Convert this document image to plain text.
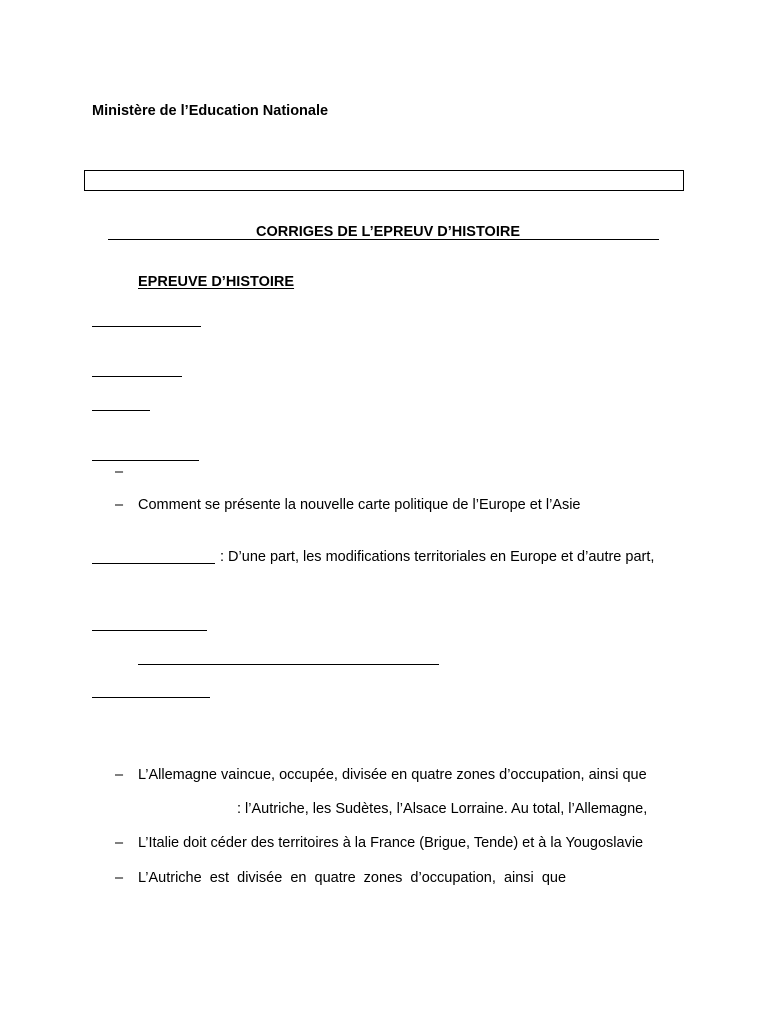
Ministère de l’Education Nationale
CORRIGES DE L’EPREUV D’HISTOIRE
EPREUVE D’HISTOIRE
–
– Comment se présente la nouvelle carte politique de l’Europe et l’Asie
: D’une part, les modifications territoriales en Europe et d’autre part,
– L’Allemagne vaincue, occupée, divisée en quatre zones d’occupation, ainsi que
: l’Autriche, les Sudètes, l’Alsace Lorraine. Au total, l’Allemagne,
– L’Italie doit céder des territoires à la France (Brigue, Tende) et à la Yougoslavie
– L’Autriche  est  divisée  en  quatre  zones  d’occupation,  ainsi  que
